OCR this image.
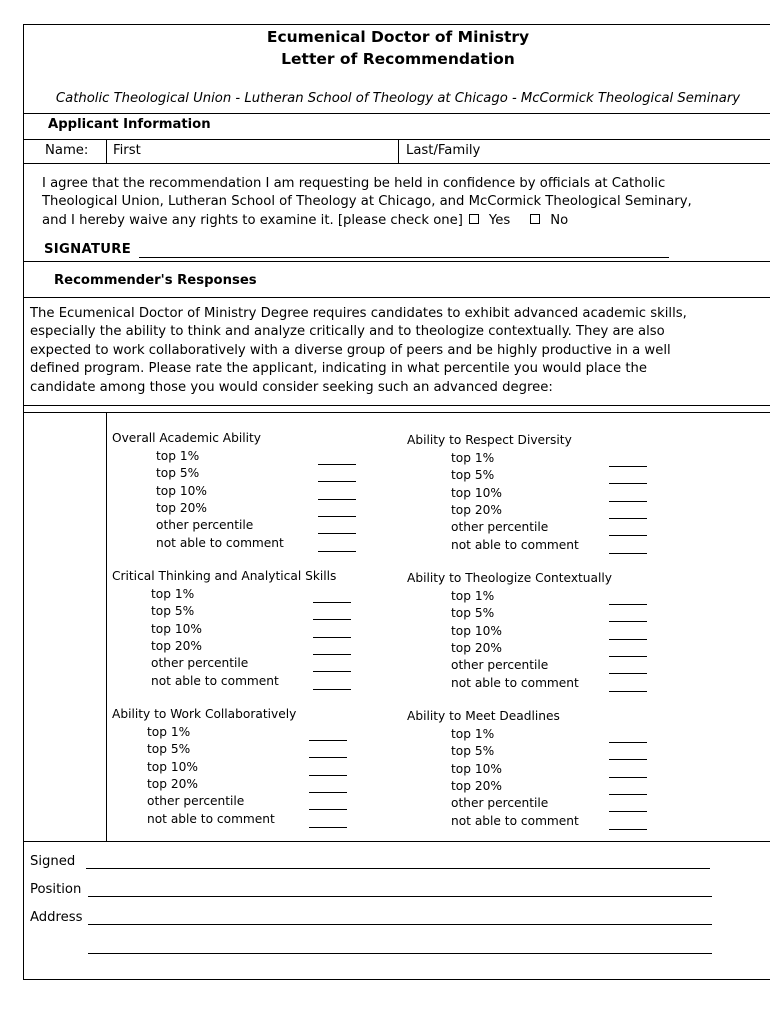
Ecumenical Doctor of Ministry
Letter of Recommendation
Catholic Theological Union - Lutheran School of Theology at Chicago - McCormick Theological Seminary
Applicant Information
Name: First	Last/Family
I agree that the recommendation I am requesting be held in confidence by officials at Catholic
Theological Union, Lutheran School of Theology at Chicago, and McCormick Theological Seminary,
and I hereby waive any rights to examine it. [please check one] Yes	No
SIGNATURE
Recommender's Responses
The Ecumenical Doctor of Ministry Degree requires candidates to exhibit advanced academic skills,
especially the ability to think and analyze critically and to theologize contextually. They are also
expected to work collaboratively with a diverse group of peers and be highly productive in a well
defined program. Please rate the applicant, indicating in what percentile you would place the
candidate among those you would consider seeking such an advanced degree:
Overall Academic Ability
top 1%
top 5%
top 10%
top 20%
other percentile
not able to comment
Critical Thinking and Analytical Skills
top 1%
top 5%
top 10%
top 20%
other percentile
not able to comment
Ability to Work Collaboratively
top 1%
top 5%
top 10%
top 20%
other percentile
not able to comment
Ability to Respect Diversity
top 1%
top 5%
top 10%
top 20%
other percentile
not able to comment
Ability to Theologize Contextually
top 1%
top 5%
top 10%
top 20%
other percentile
not able to comment
Ability to Meet Deadlines
top 1%
top 5%
top 10%
top 20%
other percentile
not able to comment
Signed
Position
Address
